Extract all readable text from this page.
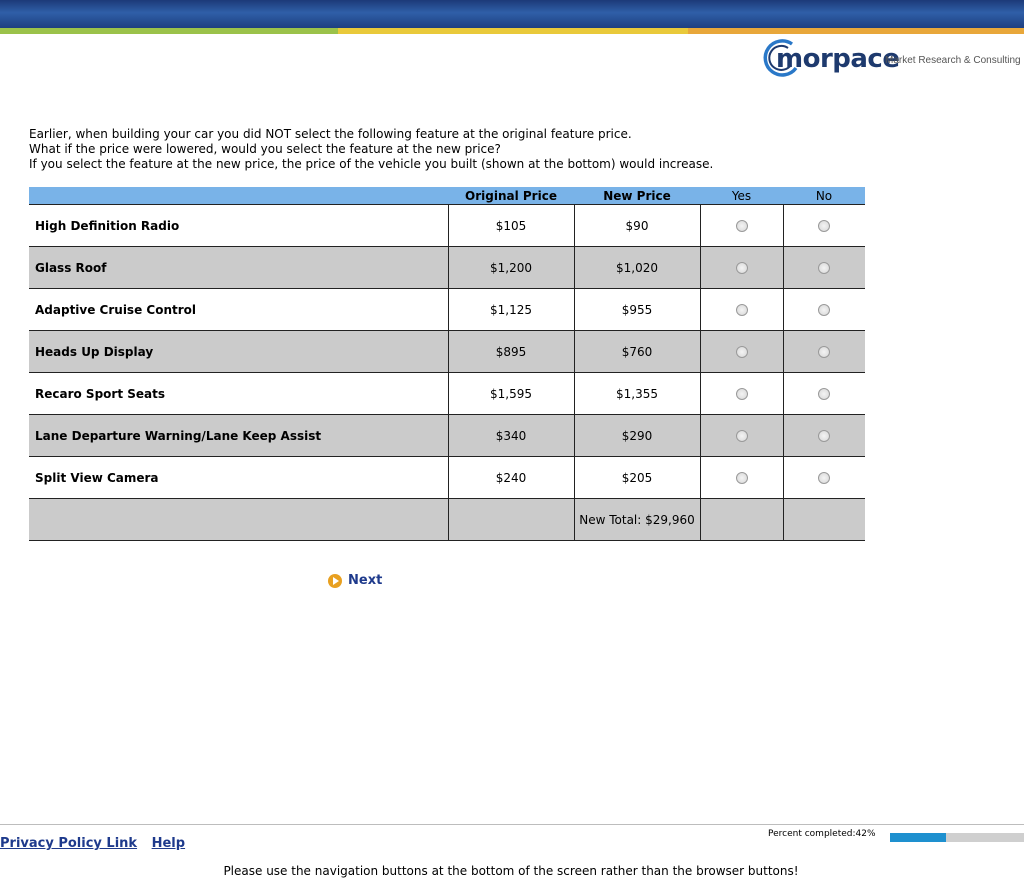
morpace
Market Research & Consulting
Earlier, when building your car you did NOT select the following feature at the original feature price.
What if the price were lowered, would you select the feature at the new price?
If you select the feature at the new price, the price of the vehicle you built (shown at the bottom) would increase.
	Original Price	New Price	Yes	No
High Definition Radio	$105	$90		
Glass Roof	$1,200	$1,020		
Adaptive Cruise Control	$1,125	$955		
Heads Up Display	$895	$760		
Recaro Sport Seats	$1,595	$1,355		
Lane Departure Warning/Lane Keep Assist	$340	$290		
Split View Camera	$240	$205		
		New Total: $29,960		
Next
Privacy Policy Link Help
Percent completed:42%
Please use the navigation buttons at the bottom of the screen rather than the browser buttons!
